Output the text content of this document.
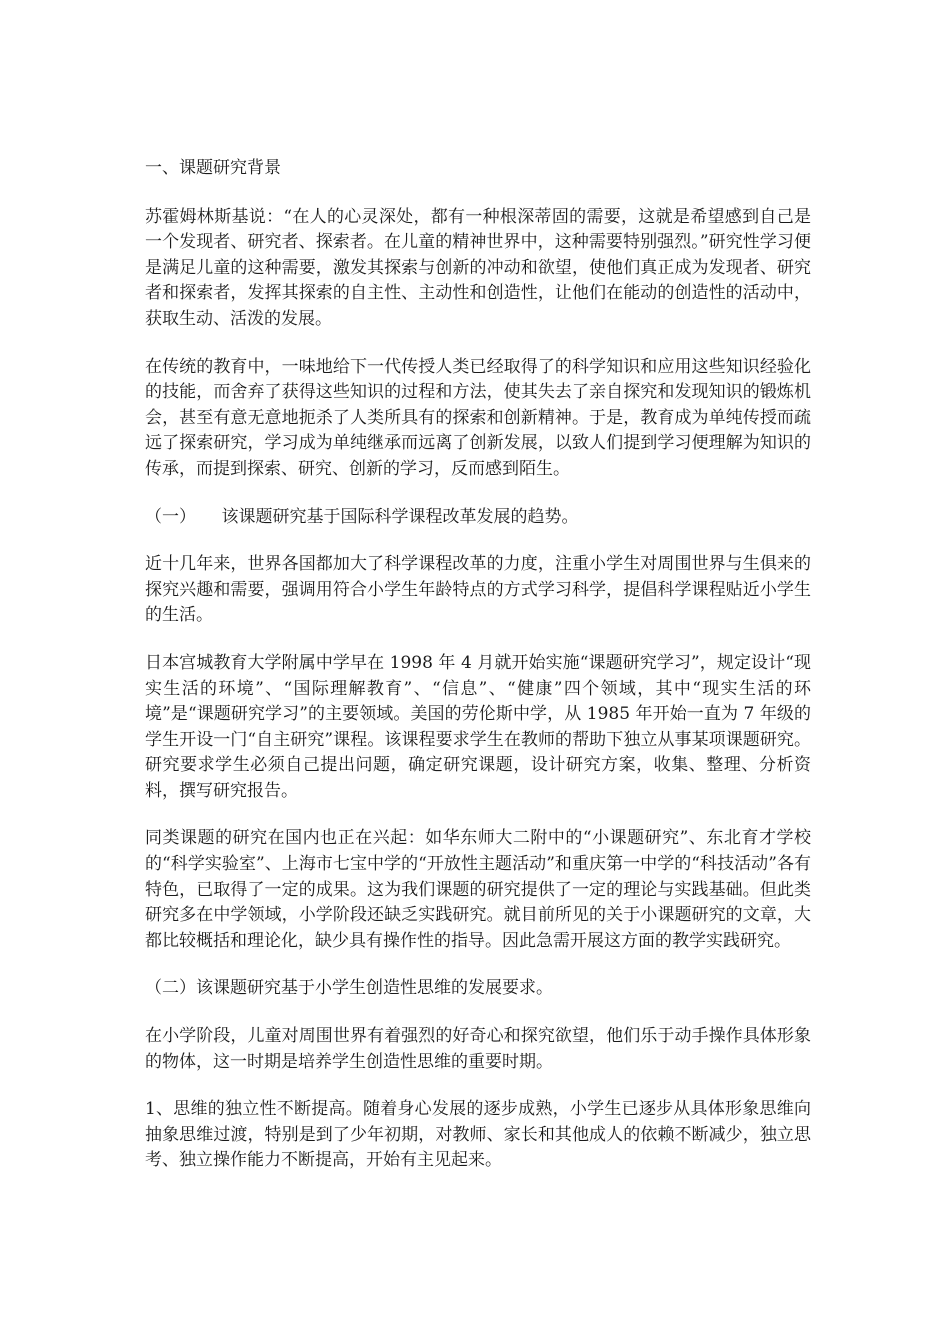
一、课题研究背景

苏霍姆林斯基说：“在人的心灵深处，都有一种根深蒂固的需要，这就是希望感到自己是一个发现者、研究者、探索者。在儿童的精神世界中，这种需要特别强烈。”研究性学习便是满足儿童的这种需要，激发其探索与创新的冲动和欲望，使他们真正成为发现者、研究者和探索者，发挥其探索的自主性、主动性和创造性，让他们在能动的创造性的活动中，获取生动、活泼的发展。

在传统的教育中，一味地给下一代传授人类已经取得了的科学知识和应用这些知识经验化的技能，而舍弃了获得这些知识的过程和方法，使其失去了亲自探究和发现知识的锻炼机会，甚至有意无意地扼杀了人类所具有的探索和创新精神。于是，教育成为单纯传授而疏远了探索研究，学习成为单纯继承而远离了创新发展，以致人们提到学习便理解为知识的传承，而提到探索、研究、创新的学习，反而感到陌生。

（一）　　该课题研究基于国际科学课程改革发展的趋势。

近十几年来，世界各国都加大了科学课程改革的力度，注重小学生对周围世界与生俱来的探究兴趣和需要，强调用符合小学生年龄特点的方式学习科学，提倡科学课程贴近小学生的生活。

日本宫城教育大学附属中学早在 1998 年 4 月就开始实施“课题研究学习”，规定设计“现实生活的环境”、“国际理解教育”、“信息”、“健康”四个领域，其中“现实生活的环境”是“课题研究学习”的主要领域。美国的劳伦斯中学，从 1985 年开始一直为 7 年级的学生开设一门“自主研究”课程。该课程要求学生在教师的帮助下独立从事某项课题研究。研究要求学生必须自己提出问题，确定研究课题，设计研究方案，收集、整理、分析资料，撰写研究报告。

同类课题的研究在国内也正在兴起：如华东师大二附中的“小课题研究”、东北育才学校的“科学实验室”、上海市七宝中学的“开放性主题活动”和重庆第一中学的“科技活动”各有特色，已取得了一定的成果。这为我们课题的研究提供了一定的理论与实践基础。但此类研究多在中学领域，小学阶段还缺乏实践研究。就目前所见的关于小课题研究的文章，大都比较概括和理论化，缺少具有操作性的指导。因此急需开展这方面的教学实践研究。

（二）该课题研究基于小学生创造性思维的发展要求。

在小学阶段，儿童对周围世界有着强烈的好奇心和探究欲望，他们乐于动手操作具体形象的物体，这一时期是培养学生创造性思维的重要时期。

1、思维的独立性不断提高。随着身心发展的逐步成熟，小学生已逐步从具体形象思维向抽象思维过渡，特别是到了少年初期，对教师、家长和其他成人的依赖不断减少，独立思考、独立操作能力不断提高，开始有主见起来。
